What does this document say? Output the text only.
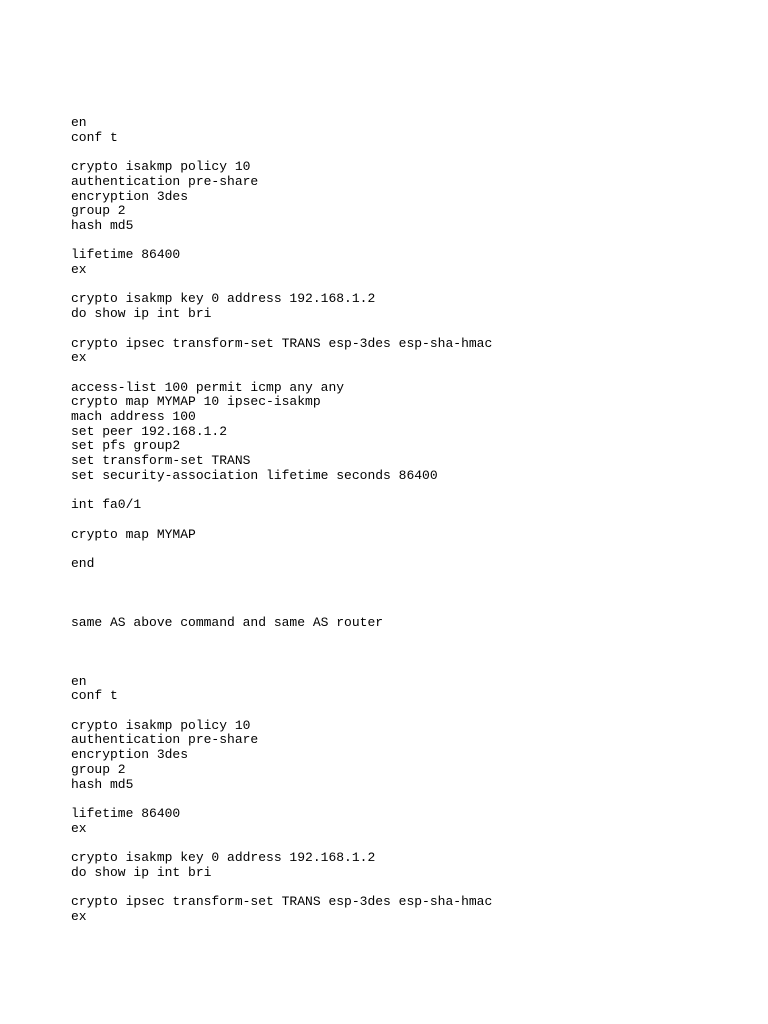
en
conf t
crypto isakmp policy 10
authentication pre-share
encryption 3des
group 2
hash md5
lifetime 86400
ex
crypto isakmp key 0 address 192.168.1.2
do show ip int bri
crypto ipsec transform-set TRANS esp-3des esp-sha-hmac
ex
access-list 100 permit icmp any any
crypto map MYMAP 10 ipsec-isakmp
mach address 100
set peer 192.168.1.2
set pfs group2
set transform-set TRANS
set security-association lifetime seconds 86400
int fa0/1
crypto map MYMAP
end
same AS above command and same AS router
en
conf t
crypto isakmp policy 10
authentication pre-share
encryption 3des
group 2
hash md5
lifetime 86400
ex
crypto isakmp key 0 address 192.168.1.2
do show ip int bri
crypto ipsec transform-set TRANS esp-3des esp-sha-hmac
ex
